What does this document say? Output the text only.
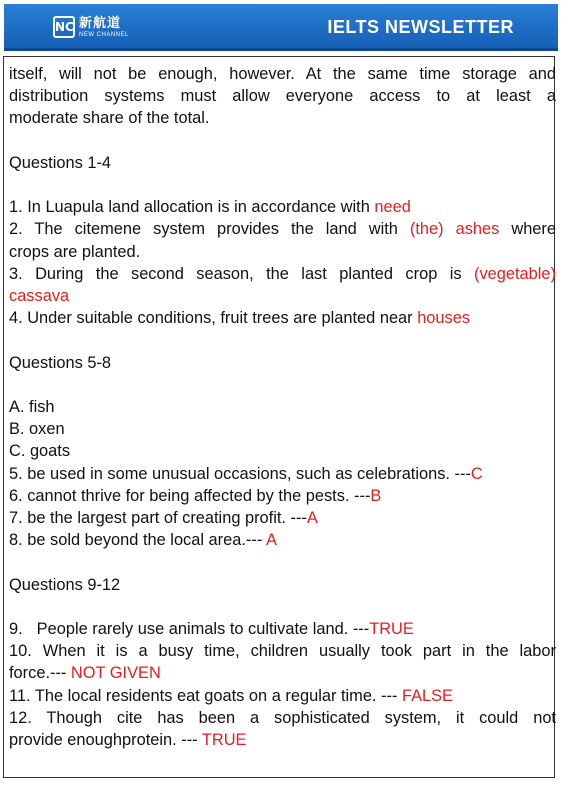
NC 新航道
NEW CHANNEL	IELTS NEWSLETTER

itself, will not be enough, however. At the same time storage and

distribution systems must allow everyone access to at least a

moderate share of the total.

Questions 1-4

1. In Luapula land allocation is in accordance with need

2. The citemene system provides the land with (the) ashes where

crops are planted.

3. During the second season, the last planted crop is (vegetable)

cassava

4. Under suitable conditions, fruit trees are planted near houses

Questions 5-8

A. fish

B. oxen

C. goats

5. be used in some unusual occasions, such as celebrations. ---C

6. cannot thrive for being affected by the pests. ---B

7. be the largest part of creating profit. ---A

8. be sold beyond the local area.--- A

Questions 9-12

9. People rarely use animals to cultivate land. ---TRUE

10. When it is a busy time, children usually took part in the labor

force.--- NOT GIVEN

11. The local residents eat goats on a regular time. --- FALSE

12. Though cite has been a sophisticated system, it could not

provide enoughprotein. --- TRUE
